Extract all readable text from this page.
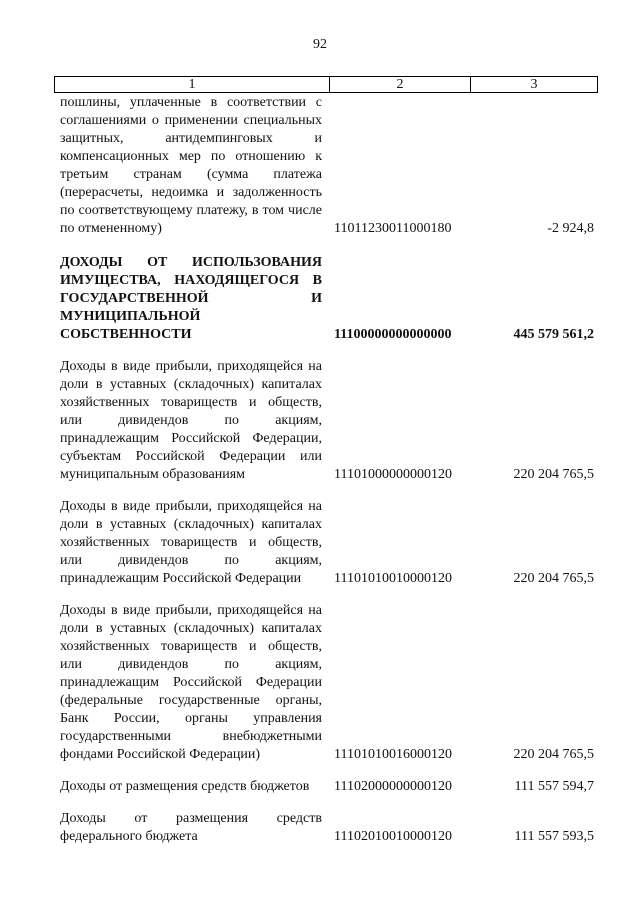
92
1	2	3
пошлины, уплаченные в соответствии с соглашениями о применении специальных защитных, антидемпинговых и компенсационных мер по отношению к третьим странам (сумма платежа (перерасчеты, недоимка и задолженность по соответствующему платежу, в том числе по отмененному)	11011230011000180	-2 924,8
ДОХОДЫ ОТ ИСПОЛЬЗОВАНИЯ ИМУЩЕСТВА, НАХОДЯЩЕГОСЯ В ГОСУДАРСТВЕННОЙ И МУНИЦИПАЛЬНОЙ СОБСТВЕННОСТИ	11100000000000000	445 579 561,2
Доходы в виде прибыли, приходящейся на доли в уставных (складочных) капиталах хозяйственных товариществ и обществ, или дивидендов по акциям, принадлежащим Российской Федерации, субъектам Российской Федерации или муниципальным образованиям	11101000000000120	220 204 765,5
Доходы в виде прибыли, приходящейся на доли в уставных (складочных) капиталах хозяйственных товариществ и обществ, или дивидендов по акциям, принадлежащим Российской Федерации	11101010010000120	220 204 765,5
Доходы в виде прибыли, приходящейся на доли в уставных (складочных) капиталах хозяйственных товариществ и обществ, или дивидендов по акциям, принадлежащим Российской Федерации (федеральные государственные органы, Банк России, органы управления государственными внебюджетными фондами Российской Федерации)	11101010016000120	220 204 765,5
Доходы от размещения средств бюджетов	11102000000000120	111 557 594,7
Доходы от размещения средств федерального бюджета	11102010010000120	111 557 593,5
